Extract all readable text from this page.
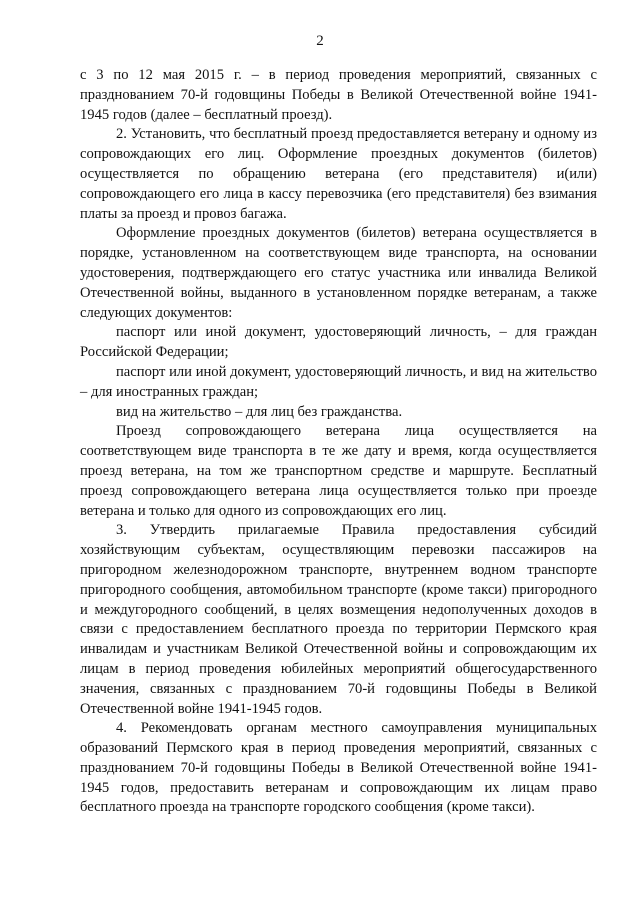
2

с 3 по 12 мая 2015 г. – в период проведения мероприятий, связанных с празднованием 70-й годовщины Победы в Великой Отечественной войне 1941-1945 годов (далее – бесплатный проезд).

2. Установить, что бесплатный проезд предоставляется ветерану и одному из сопровождающих его лиц. Оформление проездных документов (билетов) осуществляется по обращению ветерана (его представителя) и(или) сопровождающего его лица в кассу перевозчика (его представителя) без взимания платы за проезд и провоз багажа.

Оформление проездных документов (билетов) ветерана осуществляется в порядке, установленном на соответствующем виде транспорта, на основании удостоверения, подтверждающего его статус участника или инвалида Великой Отечественной войны, выданного в установленном порядке ветеранам, а также следующих документов:

паспорт или иной документ, удостоверяющий личность, – для граждан Российской Федерации;

паспорт или иной документ, удостоверяющий личность, и вид на жительство – для иностранных граждан;

вид на жительство – для лиц без гражданства.

Проезд сопровождающего ветерана лица осуществляется на соответствующем виде транспорта в те же дату и время, когда осуществляется проезд ветерана, на том же транспортном средстве и маршруте. Бесплатный проезд сопровождающего ветерана лица осуществляется только при проезде ветерана и только для одного из сопровождающих его лиц.

3. Утвердить прилагаемые Правила предоставления субсидий хозяйствующим субъектам, осуществляющим перевозки пассажиров на пригородном железнодорожном транспорте, внутреннем водном транспорте пригородного сообщения, автомобильном транспорте (кроме такси) пригородного и междугородного сообщений, в целях возмещения недополученных доходов в связи с предоставлением бесплатного проезда по территории Пермского края инвалидам и участникам Великой Отечественной войны и сопровождающим их лицам в период проведения юбилейных мероприятий общегосударственного значения, связанных с празднованием 70-й годовщины Победы в Великой Отечественной войне 1941-1945 годов.

4. Рекомендовать органам местного самоуправления муниципальных образований Пермского края в период проведения мероприятий, связанных с празднованием 70-й годовщины Победы в Великой Отечественной войне 1941-1945 годов, предоставить ветеранам и сопровождающим их лицам право бесплатного проезда на транспорте городского сообщения (кроме такси).
